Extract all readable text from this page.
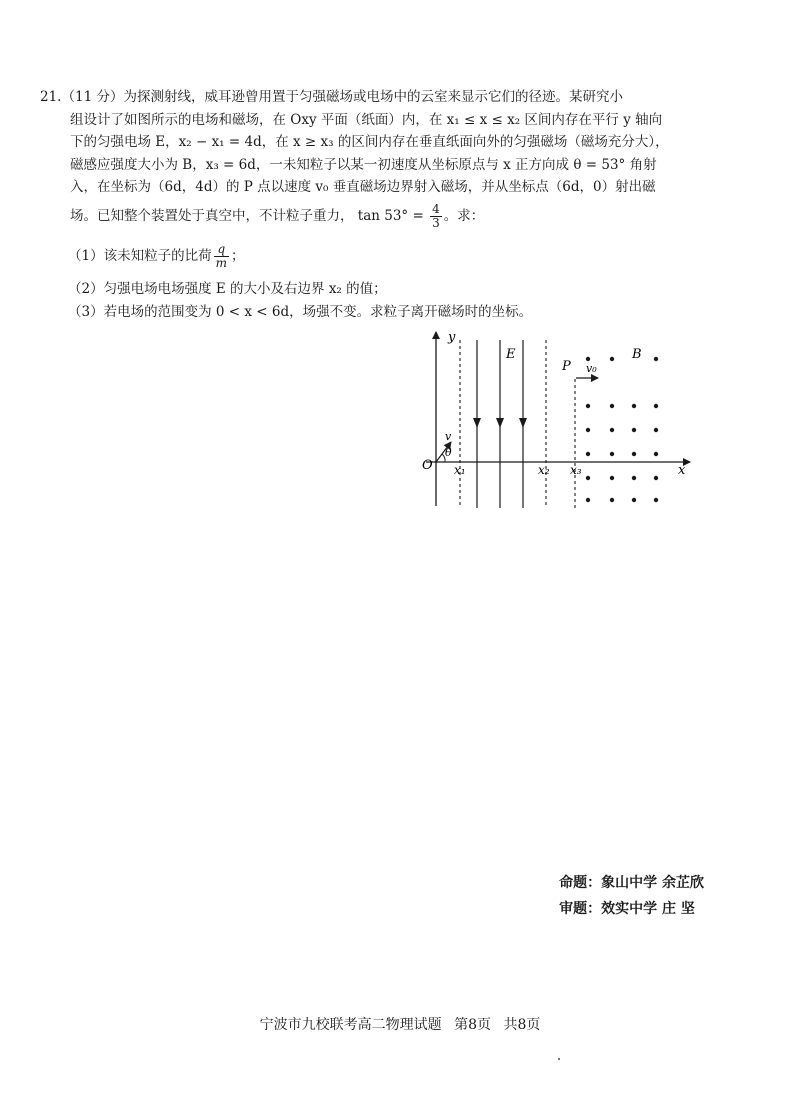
21.（11 分）为探测射线，威耳逊曾用置于匀强磁场或电场中的云室来显示它们的径迹。某研究小
组设计了如图所示的电场和磁场，在 Oxy 平面（纸面）内，在 x₁ ≤ x ≤ x₂ 区间内存在平行 y 轴向
下的匀强电场 E，x₂ − x₁ = 4d，在 x ≥ x₃ 的区间内存在垂直纸面向外的匀强磁场（磁场充分大），
磁感应强度大小为 B，x₃ = 6d，一未知粒子以某一初速度从坐标原点与 x 正方向成 θ = 53° 角射
入，在坐标为（6d，4d）的 P 点以速度 v₀ 垂直磁场边界射入磁场，并从坐标点（6d，0）射出磁
场。已知整个装置处于真空中，不计粒子重力， $\tan 53^\circ = \frac{4}{3}$ 。求：
（1）该未知粒子的比荷 $\frac{q}{m}$ ；
（2）匀强电场电场强度 E 的大小及右边界 x₂ 的值；
（3）若电场的范围变为 0 < x < 6d，场强不变。求粒子离开磁场时的坐标。
y
x
O x₁	x₂ x₃
E
v
θ
P v₀
B
命题：象山中学 余芷欣
审题：效实中学 庄 坚
宁波市九校联考高二物理试题 第8页 共8页
